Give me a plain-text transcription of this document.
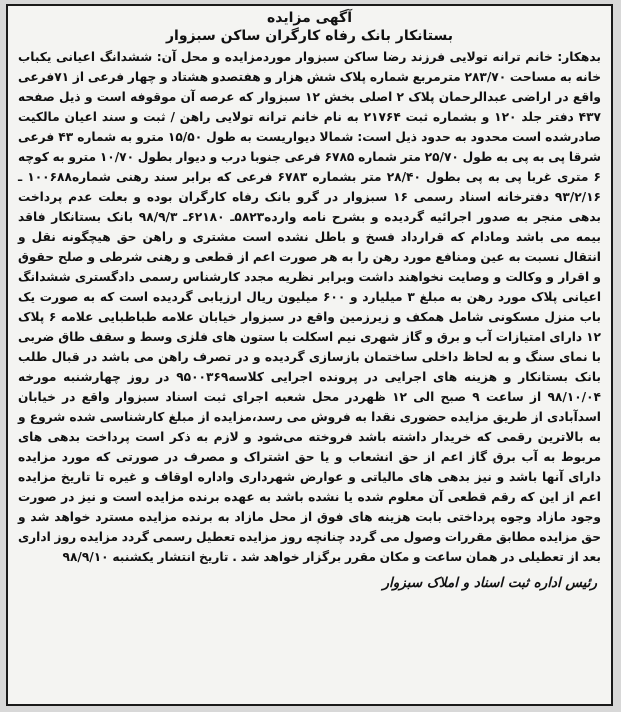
آگهی مزایده
بستانکار بانک رفاه کارگران ساکن سبزوار

بدهکار: خانم ترانه تولایی فرزند رضا ساکن سبزوار موردمزایده و محل آن: ششدانگ اعیانی یکباب خانه به مساحت ۲۸۳/۷۰ مترمربع شماره پلاک شش هزار و هفتصدو هشتاد و چهار فرعی از ۷۱فرعی واقع در اراضی عبدالرحمان پلاک ۲ اصلی بخش ۱۲ سبزوار که عرصه آن موقوفه است و ذیل صفحه ۴۳۷ دفتر جلد ۱۲۰ و بشماره ثبت ۲۱۷۶۴ به نام خانم ترانه تولایی راهن / ثبت و سند اعیان مالکیت صادرشده است محدود به حدود ذیل است: شمالا دیواریست به طول ۱۵/۵۰ مترو به شماره ۴۳ فرعی شرقا پی به پی به طول ۲۵/۷۰ متر شماره ۶۷۸۵ فرعی جنوبا درب و دیوار بطول ۱۰/۷۰ مترو به کوچه ۶ متری غربا پی به پی بطول ۲۸/۴۰ متر بشماره ۶۷۸۳ فرعی که برابر سند رهنی شماره۱۰۰۶۸۸ ـ ۹۳/۲/۱۶ دفترخانه اسناد رسمی ۱۶ سبزوار در گرو بانک رفاه کارگران بوده و بعلت عدم پرداخت بدهی منجر به صدور اجرائیه گردیده و بشرح نامه وارده۵۸۲۳ـ ۶۲۱۸۰ـ ۹۸/۹/۳ بانک بستانکار فاقد بیمه می باشد ومادام که قرارداد فسخ و باطل نشده است مشتری و راهن حق هیچگونه نقل و انتقال نسبت به عین ومنافع مورد رهن را به هر صورت اعم از قطعی و رهنی شرطی و صلح حقوق و اقرار و وکالت و وصایت نخواهند داشت وبرابر نظریه مجدد کارشناس رسمی دادگستری ششدانگ اعیانی پلاک مورد رهن به مبلغ ۳ میلیارد و ۶۰۰ میلیون ریال ارزیابی گردیده است که به صورت یک باب منزل مسکونی شامل همکف و زیرزمین واقع در سبزوار خیابان علامه طباطبایی علامه ۶ پلاک ۱۲ دارای امتیازات آب و برق و گاز شهری نیم اسکلت با ستون های فلزی وسط و سقف طاق ضربی با نمای سنگ و به لحاظ داخلی ساختمان بازسازی گردیده و در تصرف راهن می باشد در قبال طلب بانک بستانکار و هزینه های اجرایی در پرونده اجرایی کلاسه۹۵۰۰۳۶۹ در روز چهارشنبه مورخه ۹۸/۱۰/۰۴ از ساعت ۹ صبح الی ۱۲ ظهردر محل شعبه اجرای ثبت اسناد سبزوار واقع در خیابان اسدآبادی از طریق مزایده حضوری نقدا به فروش می رسد،مزایده از مبلغ کارشناسی شده شروع و به بالاترین رقمی که خریدار داشته باشد فروخته می‌شود و لازم به ذکر است پرداخت بدهی های مربوط به آب برق گاز اعم از حق انشعاب و یا حق اشتراک و مصرف در صورتی که مورد مزایده دارای آنها باشد و نیز بدهی های مالیاتی و عوارض شهرداری واداره اوقاف و غیره تا تاریخ مزایده اعم از این که رقم قطعی آن معلوم شده یا نشده باشد به عهده برنده مزایده است و نیز در صورت وجود مازاد وجوه پرداختی بابت هزینه های فوق از محل مازاد به برنده مزایده مسترد خواهد شد و حق مزایده مطابق مقررات وصول می گردد چنانچه روز مزایده تعطیل رسمی گردد مزایده روز اداری بعد از تعطیلی در همان ساعت و مکان مقرر برگزار خواهد شد . تاریخ انتشار یکشنبه ۹۸/۹/۱۰

رئیس اداره ثبت اسناد و املاک سبزوار
